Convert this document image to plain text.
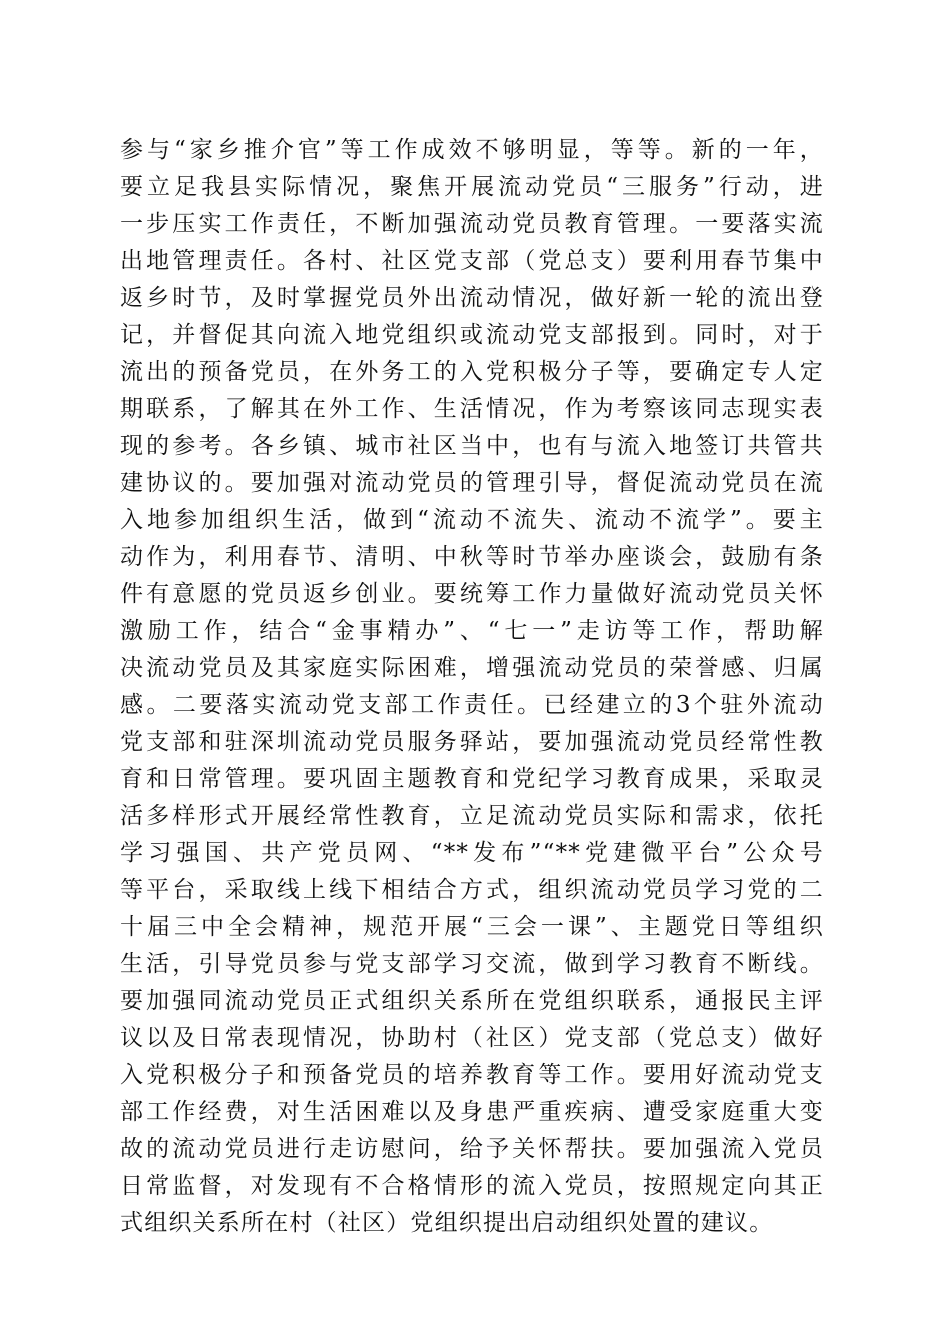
参与“家乡推介官”等工作成效不够明显，等等。新的一年，
要立足我县实际情况，聚焦开展流动党员“三服务”行动，进
一步压实工作责任，不断加强流动党员教育管理。一要落实流
出地管理责任。各村、社区党支部（党总支）要利用春节集中
返乡时节，及时掌握党员外出流动情况，做好新一轮的流出登
记，并督促其向流入地党组织或流动党支部报到。同时，对于
流出的预备党员，在外务工的入党积极分子等，要确定专人定
期联系，了解其在外工作、生活情况，作为考察该同志现实表
现的参考。各乡镇、城市社区当中，也有与流入地签订共管共
建协议的。要加强对流动党员的管理引导，督促流动党员在流
入地参加组织生活，做到“流动不流失、流动不流学”。要主
动作为，利用春节、清明、中秋等时节举办座谈会，鼓励有条
件有意愿的党员返乡创业。要统筹工作力量做好流动党员关怀
激励工作，结合“金事精办”、“七一”走访等工作，帮助解
决流动党员及其家庭实际困难，增强流动党员的荣誉感、归属
感。二要落实流动党支部工作责任。已经建立的3个驻外流动
党支部和驻深圳流动党员服务驿站，要加强流动党员经常性教
育和日常管理。要巩固主题教育和党纪学习教育成果，采取灵
活多样形式开展经常性教育，立足流动党员实际和需求，依托
学习强国、共产党员网、“**发布”“**党建微平台”公众号
等平台，采取线上线下相结合方式，组织流动党员学习党的二
十届三中全会精神，规范开展“三会一课”、主题党日等组织
生活，引导党员参与党支部学习交流，做到学习教育不断线。
要加强同流动党员正式组织关系所在党组织联系，通报民主评
议以及日常表现情况，协助村（社区）党支部（党总支）做好
入党积极分子和预备党员的培养教育等工作。要用好流动党支
部工作经费，对生活困难以及身患严重疾病、遭受家庭重大变
故的流动党员进行走访慰问，给予关怀帮扶。要加强流入党员
日常监督，对发现有不合格情形的流入党员，按照规定向其正
式组织关系所在村（社区）党组织提出启动组织处置的建议。
